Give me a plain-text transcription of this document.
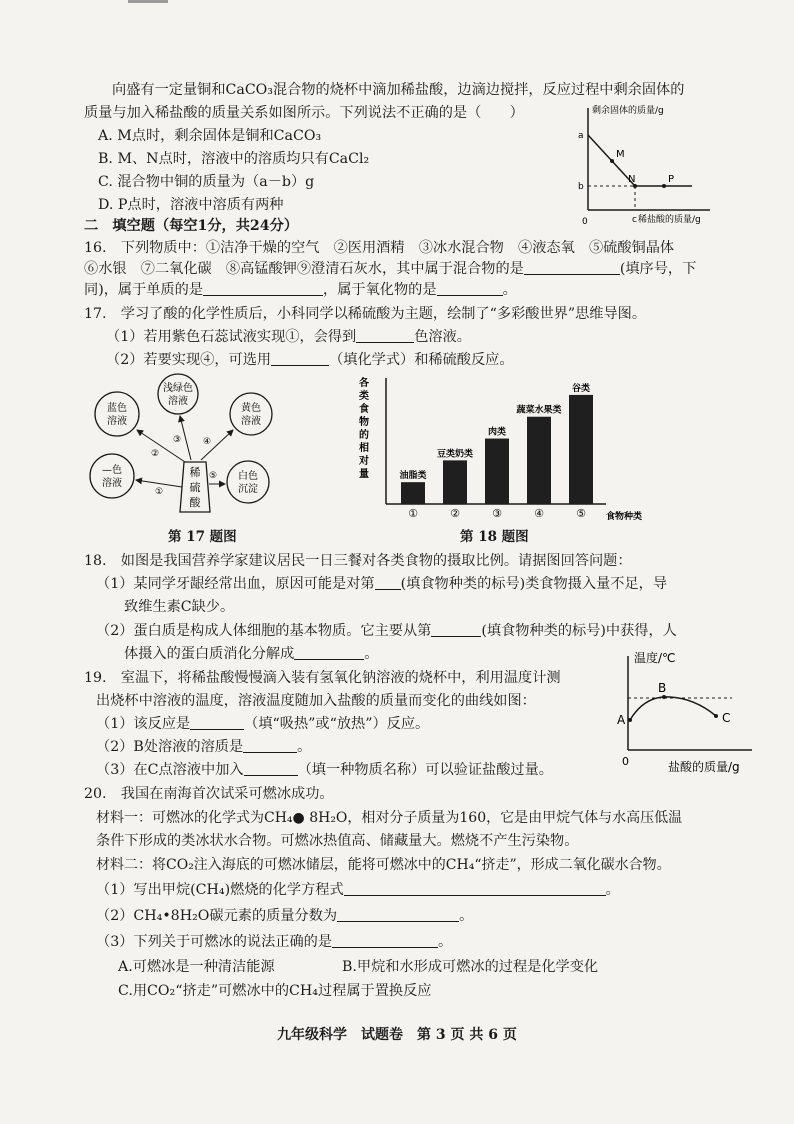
向盛有一定量铜和CaCO₃混合物的烧杯中滴加稀盐酸，边滴边搅拌，反应过程中剩余固体的
质量与加入稀盐酸的质量关系如图所示。下列说法不正确的是（　　）
A. M点时，剩余固体是铜和CaCO₃
B. M、N点时，溶液中的溶质均只有CaCl₂
C. 混合物中铜的质量为（a－b）g
D. P点时，溶液中溶质有两种
剩余固体的质量/g
稀盐酸的质量/g
0
a
b
c
M
N	P
二　填空题（每空1分，共24分）
16.　下列物质中：①洁净干燥的空气　②医用酒精　③冰水混合物　④液态氧　⑤硫酸铜晶体
⑥水银　⑦二氧化碳　⑧高锰酸钾⑨澄清石灰水，其中属于混合物的是	(填序号，下
同)，属于单质的是	，属于氧化物的是	。
17.　学习了酸的化学性质后，小科同学以稀硫酸为主题，绘制了“多彩酸世界”思维导图。
（1）若用紫色石蕊试液实现①，会得到	色溶液。
（2）若要实现④，可选用	（填化学式）和稀硫酸反应。
稀
硫
酸
—色
溶液
①
蓝色
溶液
②
浅绿色
溶液
③
黄色
溶液
④
白色
沉淀
⑤
第 17 题图
各
类
食
物
的
相
对
量
食物种类
油脂类
①
豆类奶类
②
肉类
③
蔬菜水果类
④
谷类
⑤
第 18 题图
18.　如图是我国营养学家建议居民一日三餐对各类食物的摄取比例。请据图回答问题：
（1）某同学牙龈经常出血，原因可能是对第 (填食物种类的标号)类食物摄入量不足，导
致维生素C缺少。
（2）蛋白质是构成人体细胞的基本物质。它主要从第	(填食物种类的标号)中获得，人
体摄入的蛋白质消化分解成	。
19.　室温下，将稀盐酸慢慢滴入装有氢氧化钠溶液的烧杯中，利用温度计测
出烧杯中溶液的温度，溶液温度随加入盐酸的质量而变化的曲线如图：
（1）该反应是	（填“吸热”或“放热”）反应。
（2）B处溶液的溶质是	。
（3）在C点溶液中加入	（填一种物质名称）可以验证盐酸过量。
温度/℃
盐酸的质量/g
0
A
B
C
20.　我国在南海首次试采可燃冰成功。
材料一：可燃冰的化学式为CH₄● 8H₂O，相对分子质量为160，它是由甲烷气体与水高压低温
条件下形成的类冰状水合物。可燃冰热值高、储藏量大。燃烧不产生污染物。
材料二：将CO₂注入海底的可燃冰储层，能将可燃冰中的CH₄“挤走”，形成二氧化碳水合物。
（1）写出甲烷(CH₄)燃烧的化学方程式	。
（2）CH₄•8H₂O碳元素的质量分数为	。
（3）下列关于可燃冰的说法正确的是	。
A.可燃冰是一种清洁能源	B.甲烷和水形成可燃冰的过程是化学变化
C.用CO₂“挤走”可燃冰中的CH₄过程属于置换反应
九年级科学　试题卷　第 3 页 共 6 页
